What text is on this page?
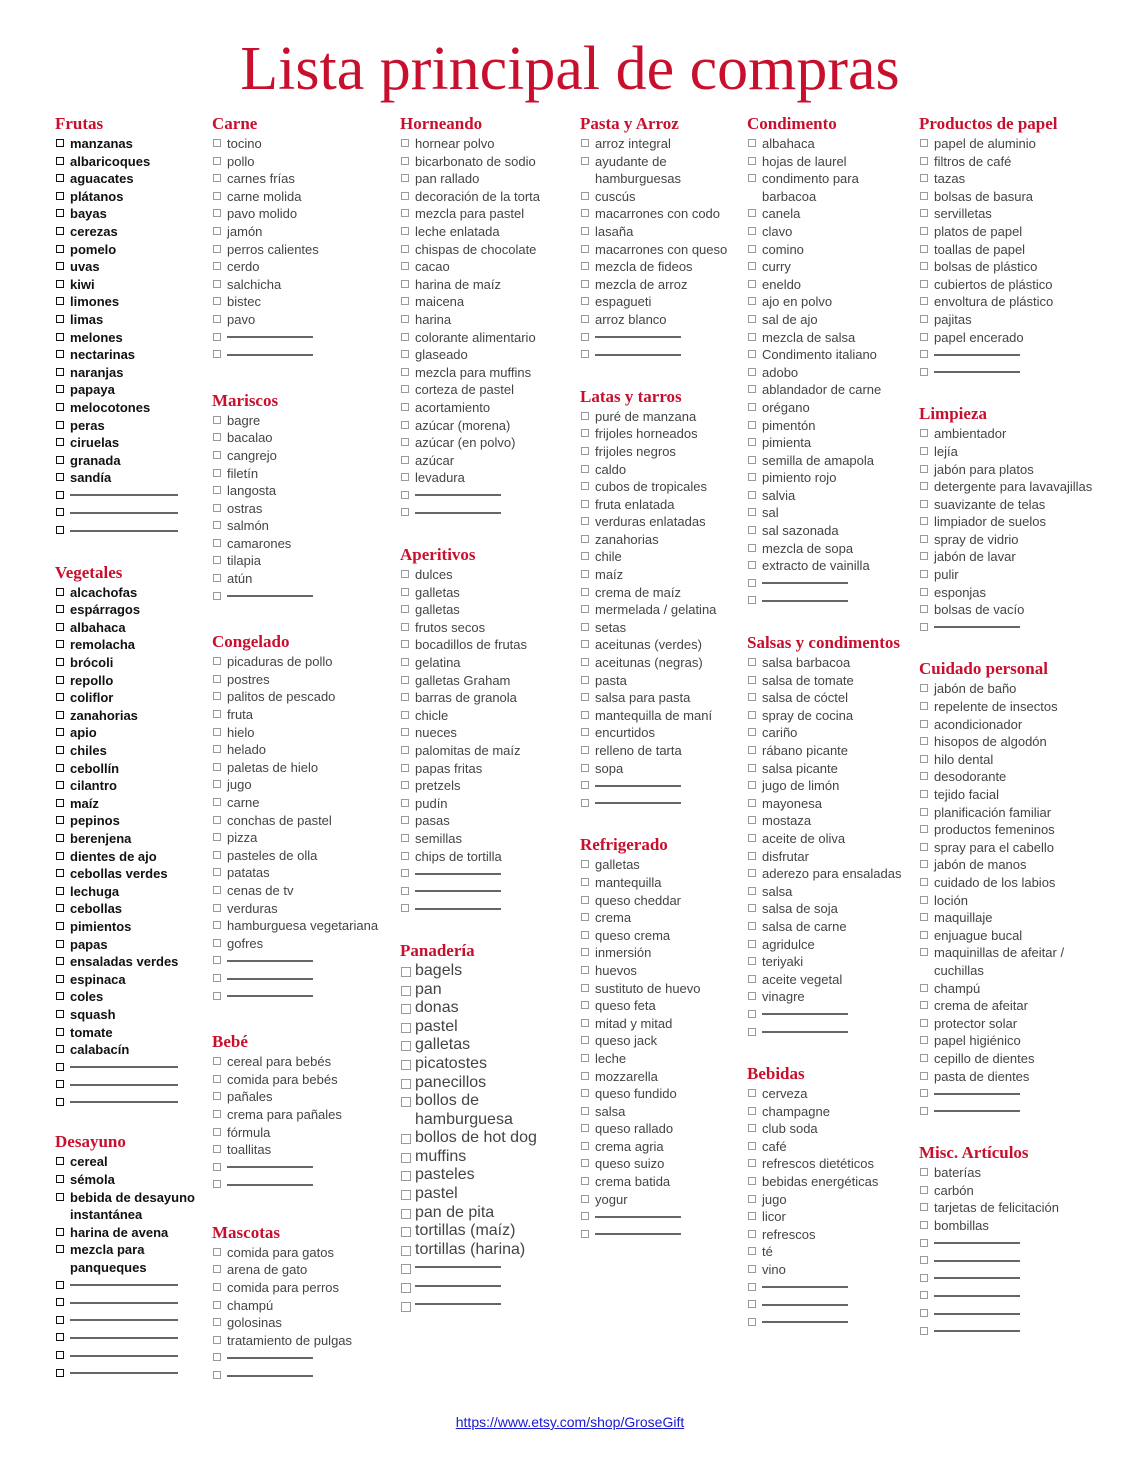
Lista principal de compras
Frutas
manzanas
albaricoques
aguacates
plátanos
bayas
cerezas
pomelo
uvas
kiwi
limones
limas
melones
nectarinas
naranjas
papaya
melocotones
peras
ciruelas
granada
sandía
Vegetales
alcachofas
espárragos
albahaca
remolacha
brócoli
repollo
coliflor
zanahorias
apio
chiles
cebollín
cilantro
maíz
pepinos
berenjena
dientes de ajo
cebollas verdes
lechuga
cebollas
pimientos
papas
ensaladas verdes
espinaca
coles
squash
tomate
calabacín
Desayuno
cereal
sémola
bebida de desayuno instantánea
harina de avena
mezcla para panqueques
Carne
tocino
pollo
carnes frías
carne molida
pavo molido
jamón
perros calientes
cerdo
salchicha
bistec
pavo
Mariscos
bagre
bacalao
cangrejo
filetín
langosta
ostras
salmón
camarones
tilapia
atún
Congelado
picaduras de pollo
postres
palitos de pescado
fruta
hielo
helado
paletas de hielo
jugo
carne
conchas de pastel
pizza
pasteles de olla
patatas
cenas de tv
verduras
hamburguesa vegetariana
gofres
Bebé
cereal para bebés
comida para bebés
pañales
crema para pañales
fórmula
toallitas
Mascotas
comida para gatos
arena de gato
comida para perros
champú
golosinas
tratamiento de pulgas
Horneando
hornear polvo
bicarbonato de sodio
pan rallado
decoración de la torta
mezcla para pastel
leche enlatada
chispas de chocolate
cacao
harina de maíz
maicena
harina
colorante alimentario
glaseado
mezcla para muffins
corteza de pastel
acortamiento
azúcar (morena)
azúcar (en polvo)
azúcar
levadura
Aperitivos
dulces
galletas
galletas
frutos secos
bocadillos de frutas
gelatina
galletas Graham
barras de granola
chicle
nueces
palomitas de maíz
papas fritas
pretzels
pudín
pasas
semillas
chips de tortilla
Panadería
bagels
pan
donas
pastel
galletas
picatostes
panecillos
bollos de hamburguesa
bollos de hot dog
muffins
pasteles
pastel
pan de pita
tortillas (maíz)
tortillas (harina)
Pasta y Arroz
arroz integral
ayudante de hamburguesas
cuscús
macarrones con codo
lasaña
macarrones con queso
mezcla de fideos
mezcla de arroz
espagueti
arroz blanco
Latas y tarros
puré de manzana
frijoles horneados
frijoles negros
caldo
cubos de tropicales
fruta enlatada
verduras enlatadas
zanahorias
chile
maíz
crema de maíz
mermelada / gelatina
setas
aceitunas (verdes)
aceitunas (negras)
pasta
salsa para pasta
mantequilla de maní
encurtidos
relleno de tarta
sopa
Refrigerado
galletas
mantequilla
queso cheddar
crema
queso crema
inmersión
huevos
sustituto de huevo
queso feta
mitad y mitad
queso jack
leche
mozzarella
queso fundido
salsa
queso rallado
crema agria
queso suizo
crema batida
yogur
Condimento
albahaca
hojas de laurel
condimento para barbacoa
canela
clavo
comino
curry
eneldo
ajo en polvo
sal de ajo
mezcla de salsa
Condimento italiano
adobo
ablandador de carne
orégano
pimentón
pimienta
semilla de amapola
pimiento rojo
salvia
sal
sal sazonada
mezcla de sopa
extracto de vainilla
Salsas y condimentos
salsa barbacoa
salsa de tomate
salsa de cóctel
spray de cocina
cariño
rábano picante
salsa picante
jugo de limón
mayonesa
mostaza
aceite de oliva
disfrutar
aderezo para ensaladas
salsa
salsa de soja
salsa de carne
agridulce
teriyaki
aceite vegetal
vinagre
Bebidas
cerveza
champagne
club soda
café
refrescos dietéticos
bebidas energéticas
jugo
licor
refrescos
té
vino
Productos de papel
papel de aluminio
filtros de café
tazas
bolsas de basura
servilletas
platos de papel
toallas de papel
bolsas de plástico
cubiertos de plástico
envoltura de plástico
pajitas
papel encerado
Limpieza
ambientador
lejía
jabón para platos
detergente para lavavajillas
suavizante de telas
limpiador de suelos
spray de vidrio
jabón de lavar
pulir
esponjas
bolsas de vacío
Cuidado personal
jabón de baño
repelente de insectos
acondicionador
hisopos de algodón
hilo dental
desodorante
tejido facial
planificación familiar
productos femeninos
spray para el cabello
jabón de manos
cuidado de los labios
loción
maquillaje
enjuague bucal
maquinillas de afeitar / cuchillas
champú
crema de afeitar
protector solar
papel higiénico
cepillo de dientes
pasta de dientes
Misc. Artículos
baterías
carbón
tarjetas de felicitación
bombillas
https://www.etsy.com/shop/GroseGift
